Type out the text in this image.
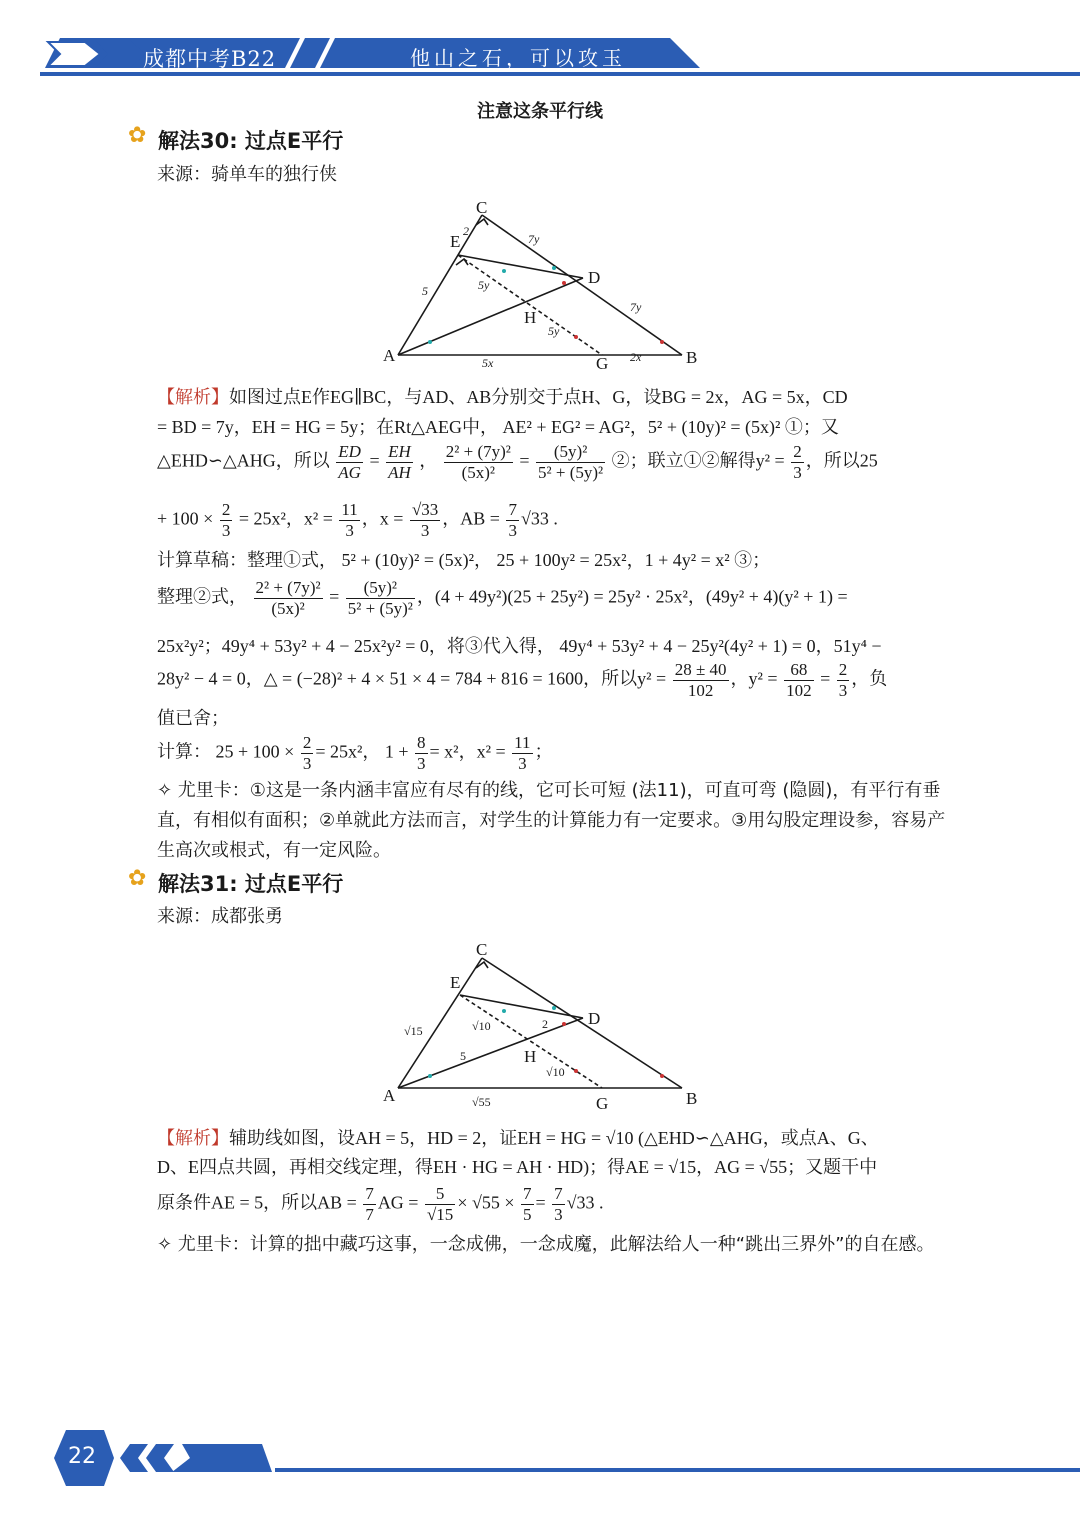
成都中考B22	他山之石，可以攻玉
注意这条平行线
✿ 解法30: 过点E平行
来源：骑单车的独行侠
C
E
D
H
A	G	B
2
7y
7y
5	5y
5y
5x	2x
【解析】如图过点E作EG∥BC，与AD、AB分别交于点H、G，设BG = 2x，AG = 5x，CD
= BD = 7y，EH = HG = 5y；在Rt△AEG中， AE² + EG² = AG²，5² + (10y)² = (5x)² ①；又
△EHD∽△AHG，所以 $\frac{ED}{AG} = \frac{EH}{AH}$ ， $\frac{\text{2² + (7y)²}}{\text{(5x)²}} = \frac{\text{(5y)²}}{\text{5² + (5y)²}}$ ②；联立①②解得$y^2 = \frac{2}{3}$ ，所以25
+ $100 \times \frac{2}{3} = 25x^2$，$x^2 = \frac{11}{3}$ ，$x = \frac{√33}{3}$ ，AB = $\frac{7}{3} √33$ .
计算草稿：整理①式， 5² + (10y)² = (5x)²， 25 + 100y² = 25x²，1 + 4y² = x² ③；
整理②式， $\frac{\text{2² + (7y)²}}{\text{(5x)²}} = \frac{\text{(5y)²}}{\text{5² + (5y)²}}$ ，(4 + 49y²)(25 + 25y²) = 25y² · 25x²，(49y² + 4)(y² + 1) =
25x²y²；49y⁴ + 53y² + 4 − 25x²y² = 0，将③代入得， 49y⁴ + 53y² + 4 − 25y²(4y² + 1) = 0，51y⁴ −
28y² − 4 = 0，△ = (−28)² + 4 × 51 × 4 = 784 + 816 = 1600，所以$y^2 = \frac{28 \pm 40}{102}$ ，$y^2 = \frac{68}{102} = \frac{2}{3}$ ，负
值已舍；
计算： $25 + 100 \times \frac{2}{3} = 25x^2$， $1 + \frac{8}{3} = x^2$，$x^2 = \frac{11}{3}$ ；
✧ 尤里卡：①这是一条内涵丰富应有尽有的线，它可长可短 (法11)，可直可弯 (隐圆)，有平行有垂直，有相似有面积；②单就此方法而言，对学生的计算能力有一定要求。③用勾股定理设参，容易产生高次或根式，有一定风险。
✿ 解法31: 过点E平行
来源：成都张勇
C
E
D
H
A	G	B
√15	√10	2
5
√10
√55
【解析】辅助线如图，设AH = 5，HD = 2，证EH = HG = √10 (△EHD∽△AHG，或点A、G、
D、E四点共圆，再相交线定理，得EH · HG = AH · HD)；得AE = √15，AG = √55；又题干中
原条件AE = 5，所以AB = $\frac{7}{7}$ AG = $\frac{5}{√15} \times √55 \times \frac{7}{5} = \frac{7}{3} √33$ .
✧ 尤里卡：计算的拙中藏巧这事，一念成佛，一念成魔，此解法给人一种“跳出三界外”的自在感。
22
